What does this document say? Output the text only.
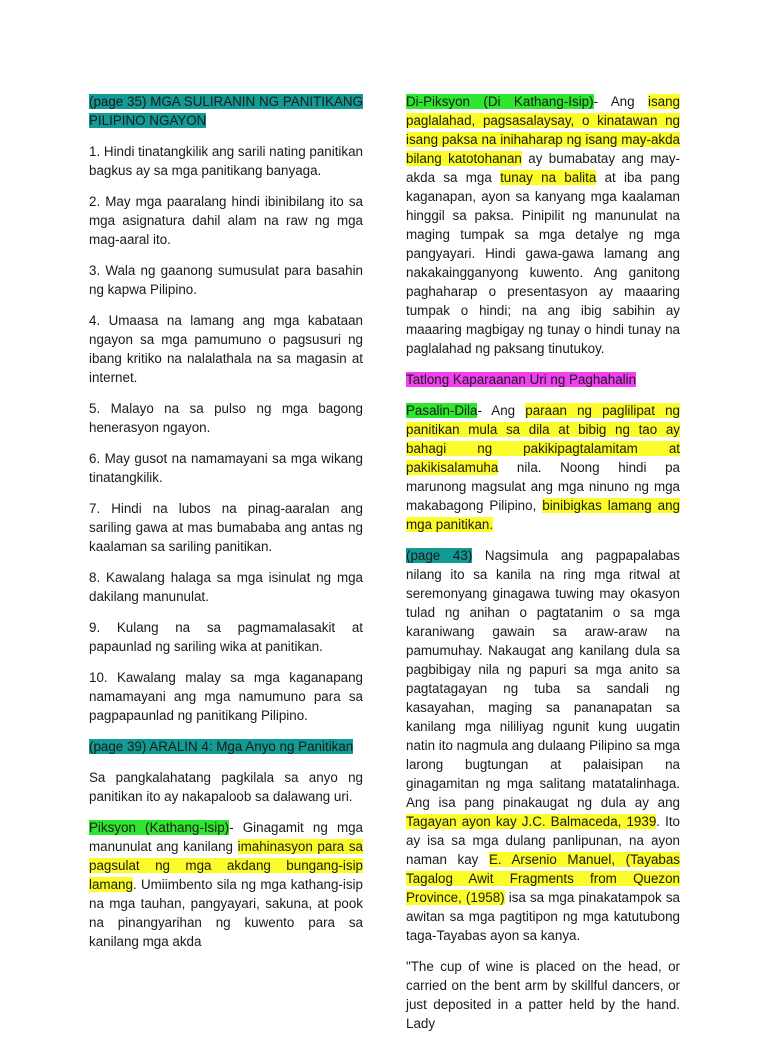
(page 35) MGA SULIRANIN NG PANITIKANG PILIPINO NGAYON

1. Hindi tinatangkilik ang sarili nating panitikan bagkus ay sa mga panitikang banyaga.

2. May mga paaralang hindi ibinibilang ito sa mga asignatura dahil alam na raw ng mga mag-aaral ito.

3. Wala ng gaanong sumusulat para basahin ng kapwa Pilipino.

4. Umaasa na lamang ang mga kabataan ngayon sa mga pamumuno o pagsusuri ng ibang kritiko na nalalathala na sa magasin at internet.

5. Malayo na sa pulso ng mga bagong henerasyon ngayon.

6. May gusot na namamayani sa mga wikang tinatangkilik.

7. Hindi na lubos na pinag-aaralan ang sariling gawa at mas bumababa ang antas ng kaalaman sa sariling panitikan.

8. Kawalang halaga sa mga isinulat ng mga dakilang manunulat.

9. Kulang na sa pagmamalasakit at papaunlad ng sariling wika at panitikan.

10. Kawalang malay sa mga kaganapang namamayani ang mga namumuno para sa pagpapaunlad ng panitikang Pilipino.

(page 39) ARALIN 4: Mga Anyo ng Panitikan

Sa pangkalahatang pagkilala sa anyo ng panitikan ito ay nakapaloob sa dalawang uri.

Piksyon (Kathang-Isip)- Ginagamit ng mga manunulat ang kanilang imahinasyon para sa pagsulat ng mga akdang bungang-isip lamang. Umiimbento sila ng mga kathang-isip na mga tauhan, pangyayari, sakuna, at pook na pinangyarihan ng kuwento para sa kanilang mga akda

Di-Piksyon (Di Kathang-Isip)- Ang isang paglalahad, pagsasalaysay, o kinatawan ng isang paksa na inihaharap ng isang may-akda bilang katotohanan ay bumabatay ang may-akda sa mga tunay na balita at iba pang kaganapan, ayon sa kanyang mga kaalaman hinggil sa paksa. Pinipilit ng manunulat na maging tumpak sa mga detalye ng mga pangyayari. Hindi gawa-gawa lamang ang nakakaingganyong kuwento. Ang ganitong paghaharap o presentasyon ay maaaring tumpak o hindi; na ang ibig sabihin ay maaaring magbigay ng tunay o hindi tunay na paglalahad ng paksang tinutukoy.

Tatlong Kaparaanan Uri ng Paghahalin

Pasalin-Dila- Ang paraan ng paglilipat ng panitikan mula sa dila at bibig ng tao ay bahagi ng pakikipagtalamitam at pakikisalamuha nila. Noong hindi pa marunong magsulat ang mga ninuno ng mga makabagong Pilipino, binibigkas lamang ang mga panitikan.

(page 43) Nagsimula ang pagpapalabas nilang ito sa kanila na ring mga ritwal at seremonyang ginagawa tuwing may okasyon tulad ng anihan o pagtatanim o sa mga karaniwang gawain sa araw-araw na pamumuhay. Nakaugat ang kanilang dula sa pagbibigay nila ng papuri sa mga anito sa pagtatagayan ng tuba sa sandali ng kasayahan, maging sa pananapatan sa kanilang mga nililiyag ngunit kung uugatin natin ito nagmula ang dulaang Pilipino sa mga larong bugtungan at palaisipan na ginagamitan ng mga salitang matatalinhaga. Ang isa pang pinakaugat ng dula ay ang Tagayan ayon kay J.C. Balmaceda, 1939. Ito ay isa sa mga dulang panlipunan, na ayon naman kay E. Arsenio Manuel, (Tayabas Tagalog Awit Fragments from Quezon Province, (1958) isa sa mga pinakatampok sa awitan sa mga pagtitipon ng mga katutubong taga-Tayabas ayon sa kanya.

"The cup of wine is placed on the head, or carried on the bent arm by skillful dancers, or just deposited in a patter held by the hand. Lady
